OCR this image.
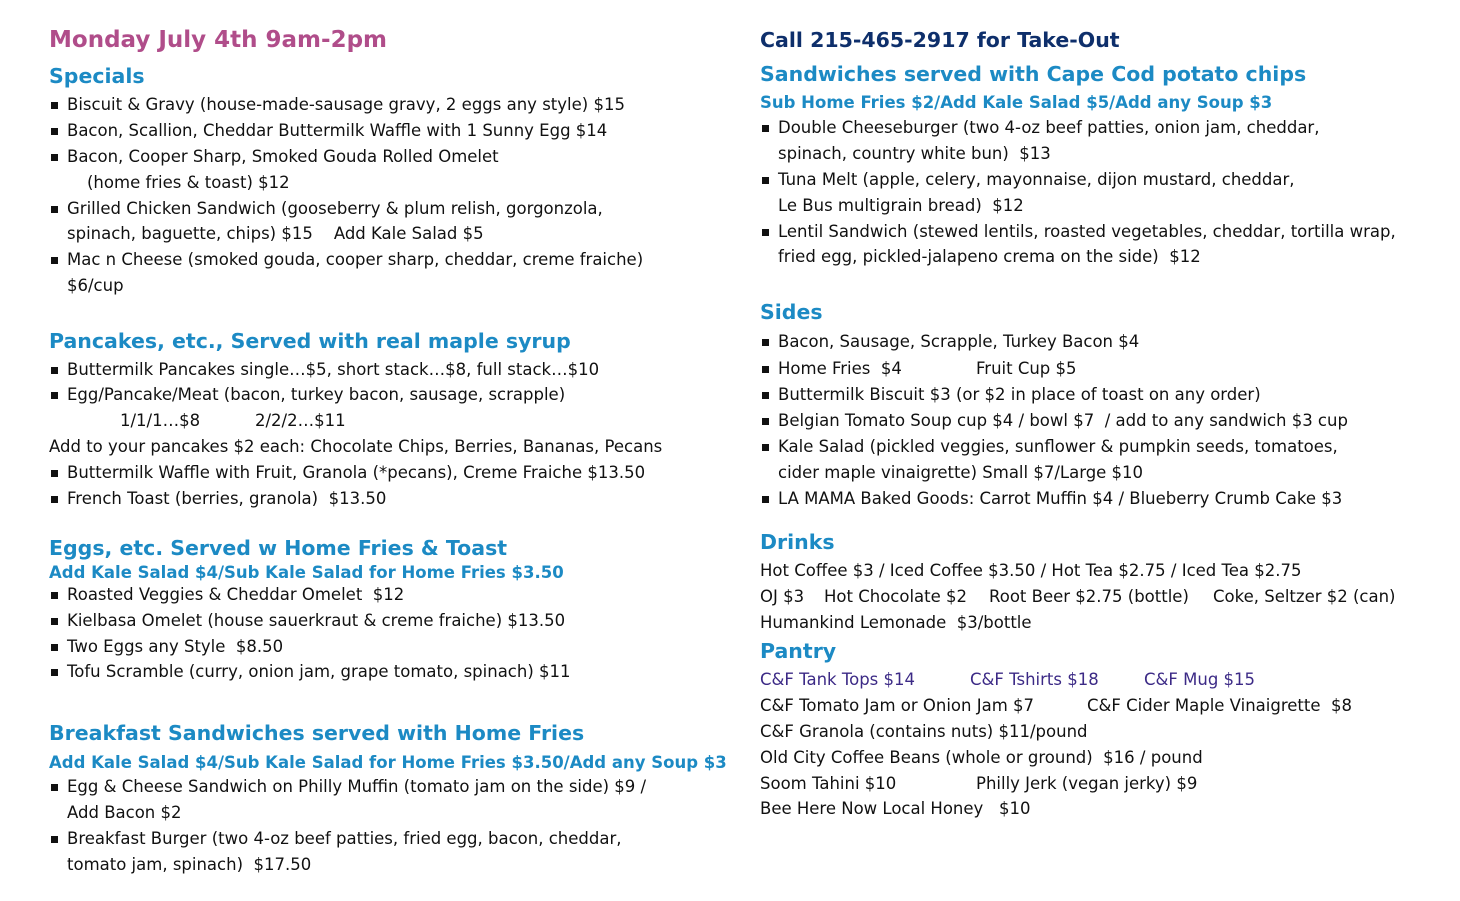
Monday July 4th 9am-2pm
Specials
Biscuit & Gravy (house-made-sausage gravy, 2 eggs any style) $15
Bacon, Scallion, Cheddar Buttermilk Waffle with 1 Sunny Egg $14
Bacon, Cooper Sharp, Smoked Gouda Rolled Omelet
(home fries & toast) $12
Grilled Chicken Sandwich (gooseberry & plum relish, gorgonzola,
spinach, baguette, chips) $15    Add Kale Salad $5
Mac n Cheese (smoked gouda, cooper sharp, cheddar, creme fraiche)
$6/cup
Pancakes, etc., Served with real maple syrup
Buttermilk Pancakes single…$5, short stack…$8, full stack…$10
Egg/Pancake/Meat (bacon, turkey bacon, sausage, scrapple)
1/1/1…$8	2/2/2…$11
Add to your pancakes $2 each: Chocolate Chips, Berries, Bananas, Pecans
Buttermilk Waffle with Fruit, Granola (*pecans), Creme Fraiche $13.50
French Toast (berries, granola)  $13.50
Eggs, etc. Served w Home Fries & Toast
Add Kale Salad $4/Sub Kale Salad for Home Fries $3.50
Roasted Veggies & Cheddar Omelet  $12
Kielbasa Omelet (house sauerkraut & creme fraiche) $13.50
Two Eggs any Style  $8.50
Tofu Scramble (curry, onion jam, grape tomato, spinach) $11
Breakfast Sandwiches served with Home Fries
Add Kale Salad $4/Sub Kale Salad for Home Fries $3.50/Add any Soup $3
Egg & Cheese Sandwich on Philly Muffin (tomato jam on the side) $9 /
Add Bacon $2
Breakfast Burger (two 4-oz beef patties, fried egg, bacon, cheddar,
tomato jam, spinach)  $17.50
Call 215-465-2917 for Take-Out
Sandwiches served with Cape Cod potato chips
Sub Home Fries $2/Add Kale Salad $5/Add any Soup $3
Double Cheeseburger (two 4-oz beef patties, onion jam, cheddar,
spinach, country white bun)  $13
Tuna Melt (apple, celery, mayonnaise, dijon mustard, cheddar,
Le Bus multigrain bread)  $12
Lentil Sandwich (stewed lentils, roasted vegetables, cheddar, tortilla wrap,
fried egg, pickled-jalapeno crema on the side)  $12
Sides
Bacon, Sausage, Scrapple, Turkey Bacon $4
Home Fries  $4	Fruit Cup $5
Buttermilk Biscuit $3 (or $2 in place of toast on any order)
Belgian Tomato Soup cup $4 / bowl $7  / add to any sandwich $3 cup
Kale Salad (pickled veggies, sunflower & pumpkin seeds, tomatoes,
cider maple vinaigrette) Small $7/Large $10
LA MAMA Baked Goods: Carrot Muffin $4 / Blueberry Crumb Cake $3
Drinks
Hot Coffee $3 / Iced Coffee $3.50 / Hot Tea $2.75 / Iced Tea $2.75
OJ $3 Hot Chocolate $2 Root Beer $2.75 (bottle) Coke, Seltzer $2 (can)
Humankind Lemonade  $3/bottle
Pantry
C&F Tank Tops $14	C&F Tshirts $18	C&F Mug $15
C&F Tomato Jam or Onion Jam $7	C&F Cider Maple Vinaigrette  $8
C&F Granola (contains nuts) $11/pound
Old City Coffee Beans (whole or ground)  $16 / pound
Soom Tahini $10	Philly Jerk (vegan jerky) $9
Bee Here Now Local Honey   $10
